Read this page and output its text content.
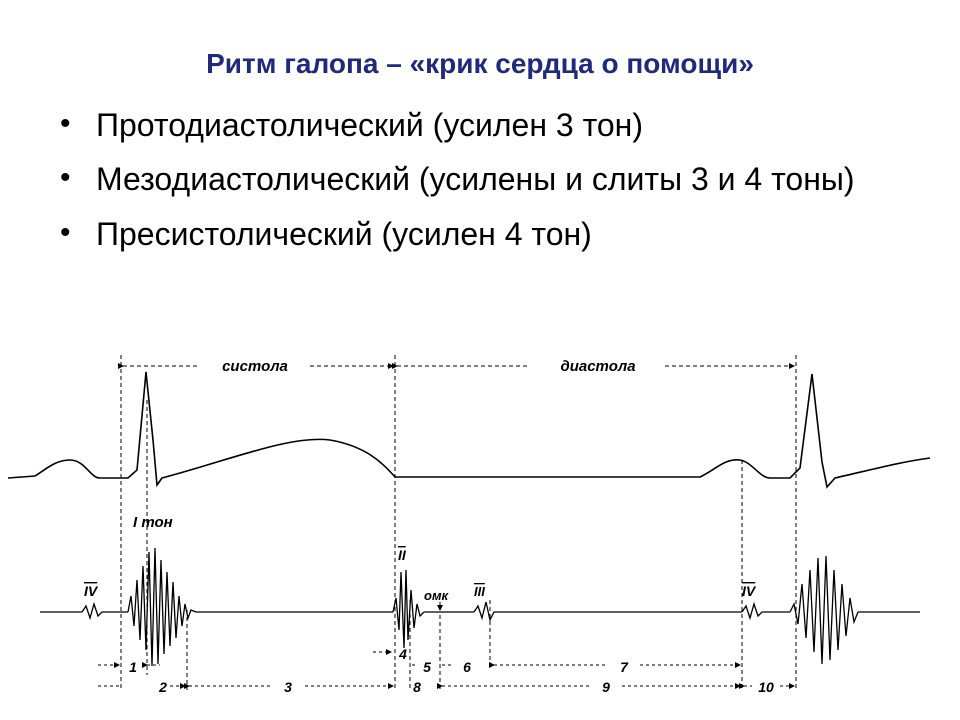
Ритм галопа – «крик сердца о помощи»
• Протодиастолический (усилен 3 тон)
• Мезодиастолический (усилены и слиты 3 и 4 тоны)
• Пресистолический (усилен 4 тон)
систола	диастола
I тон
II
III
IV	IV
омк
1
2	3
4
5 6	7
8	9	10
